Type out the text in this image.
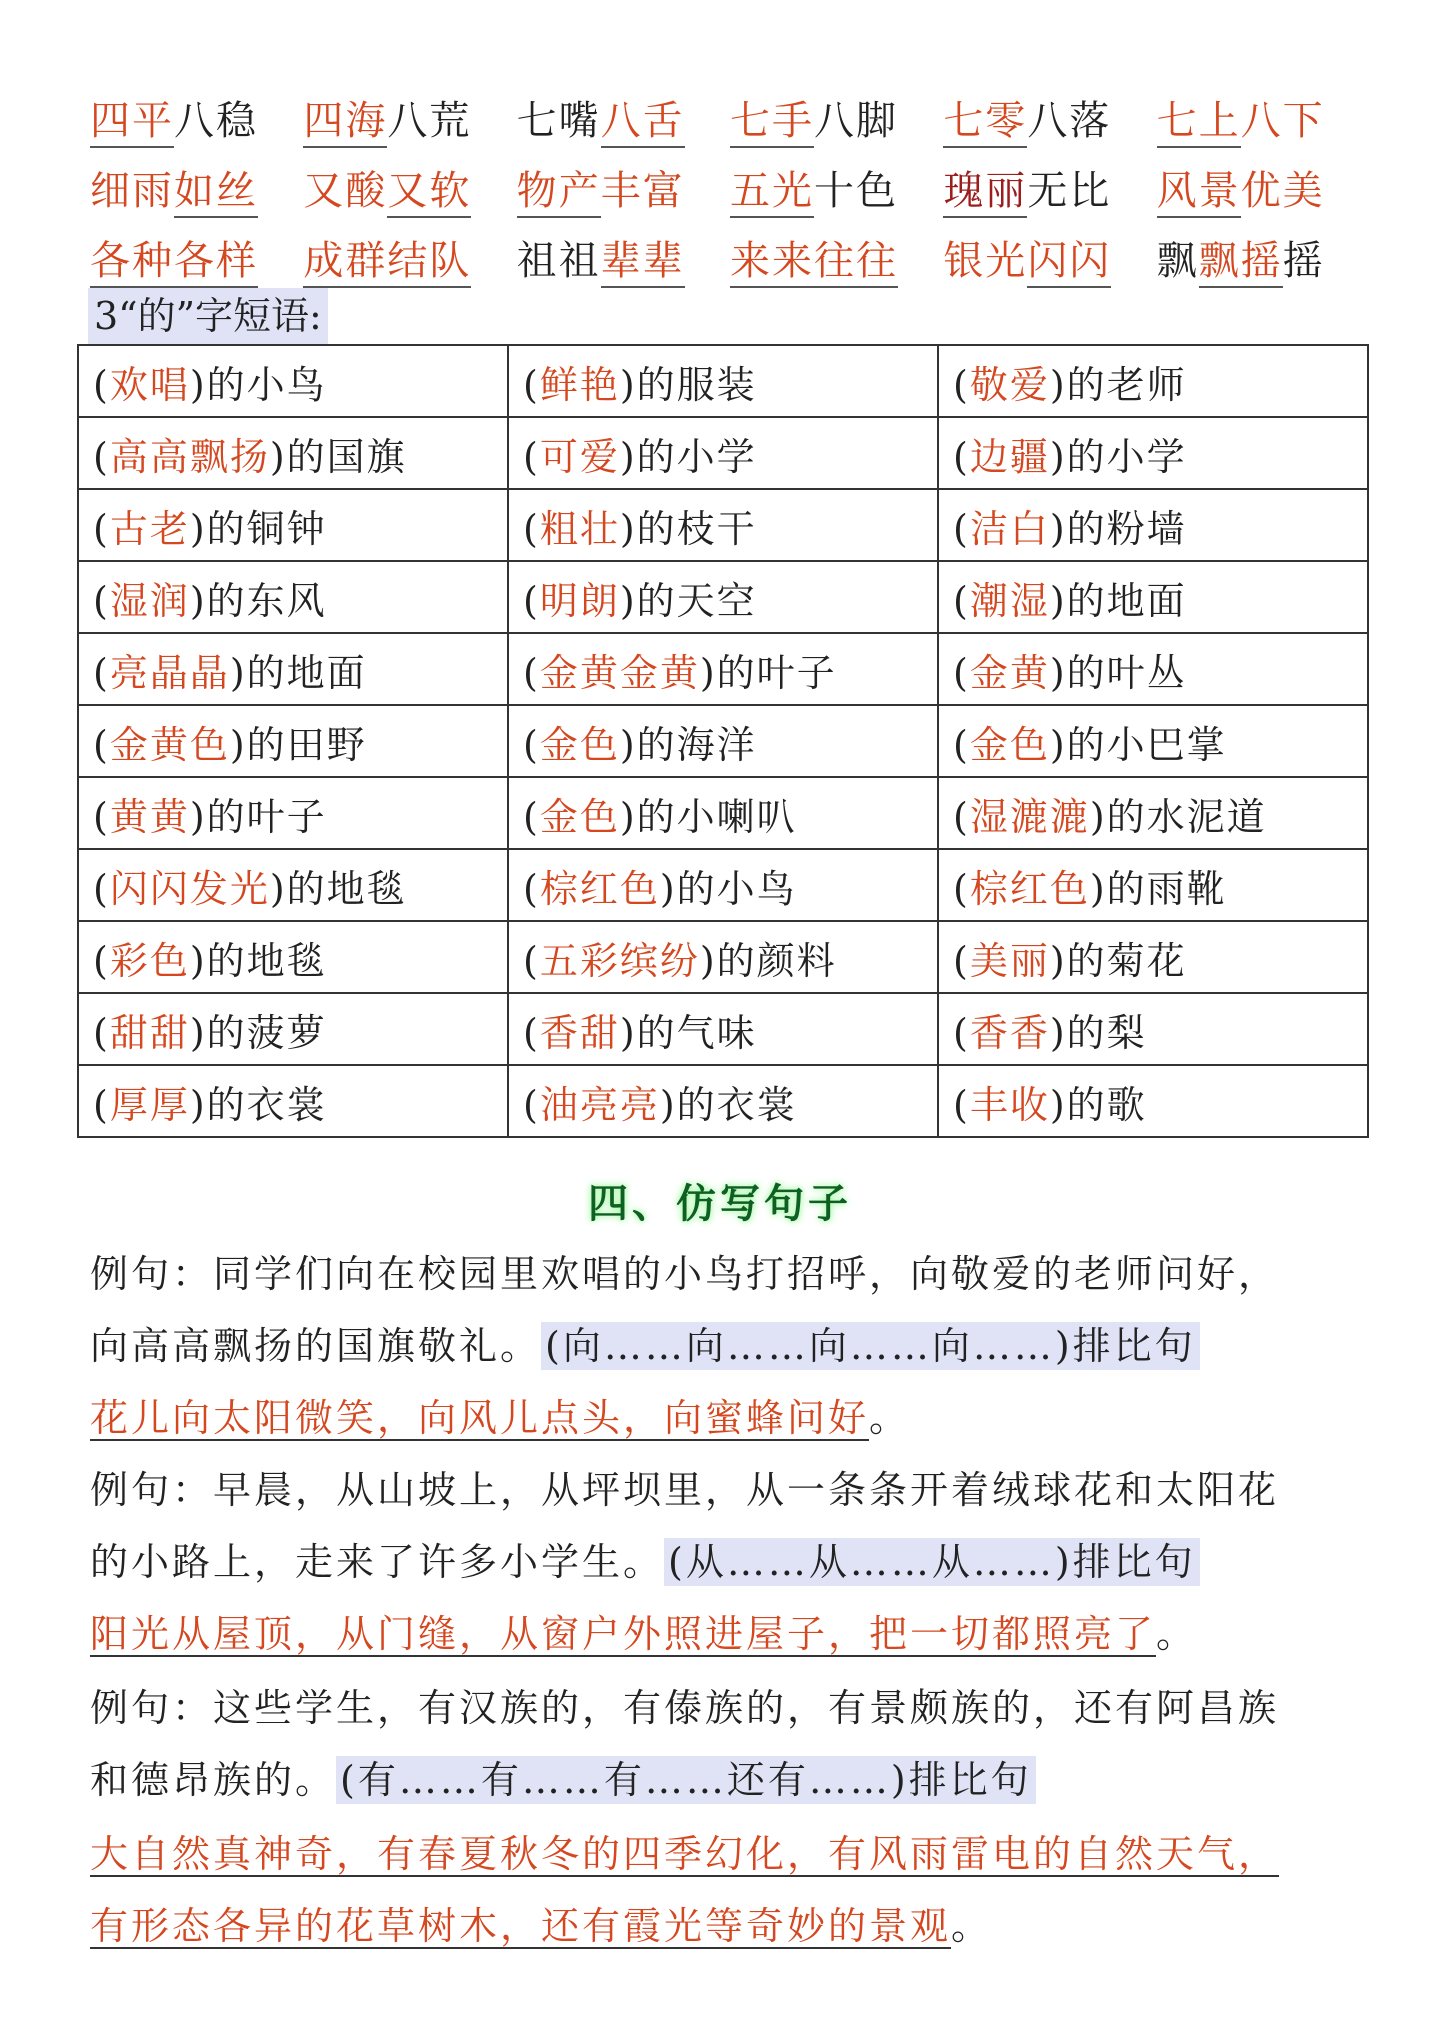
四平八稳	四海八荒	七嘴八舌	七手八脚	七零八落	七上八下
细雨如丝	又酸又软	物产丰富	五光十色	瑰丽无比	风景优美
各种各样	成群结队	祖祖辈辈	来来往往	银光闪闪	飘飘摇摇
3“的”字短语:
(欢唱)的小鸟	(鲜艳)的服装	(敬爱)的老师
(高高飘扬)的国旗	(可爱)的小学	(边疆)的小学
(古老)的铜钟	(粗壮)的枝干	(洁白)的粉墙
(湿润)的东风	(明朗)的天空	(潮湿)的地面
(亮晶晶)的地面	(金黄金黄)的叶子	(金黄)的叶丛
(金黄色)的田野	(金色)的海洋	(金色)的小巴掌
(黄黄)的叶子	(金色)的小喇叭	(湿漉漉)的水泥道
(闪闪发光)的地毯	(棕红色)的小鸟	(棕红色)的雨靴
(彩色)的地毯	(五彩缤纷)的颜料	(美丽)的菊花
(甜甜)的菠萝	(香甜)的气味	(香香)的梨
(厚厚)的衣裳	(油亮亮)的衣裳	(丰收)的歌
四、仿写句子
例句：同学们向在校园里欢唱的小鸟打招呼，向敬爱的老师问好，
向高高飘扬的国旗敬礼。 (向……向……向……向……)排比句
花儿向太阳微笑，向风儿点头，向蜜蜂问好。
例句：早晨，从山坡上，从坪坝里，从一条条开着绒球花和太阳花
的小路上，走来了许多小学生。 (从……从……从……)排比句
阳光从屋顶，从门缝，从窗户外照进屋子，把一切都照亮了。
例句：这些学生，有汉族的，有傣族的，有景颇族的，还有阿昌族
和德昂族的。 (有……有……有……还有……)排比句
大自然真神奇，有春夏秋冬的四季幻化，有风雨雷电的自然天气，
有形态各异的花草树木，还有霞光等奇妙的景观。
